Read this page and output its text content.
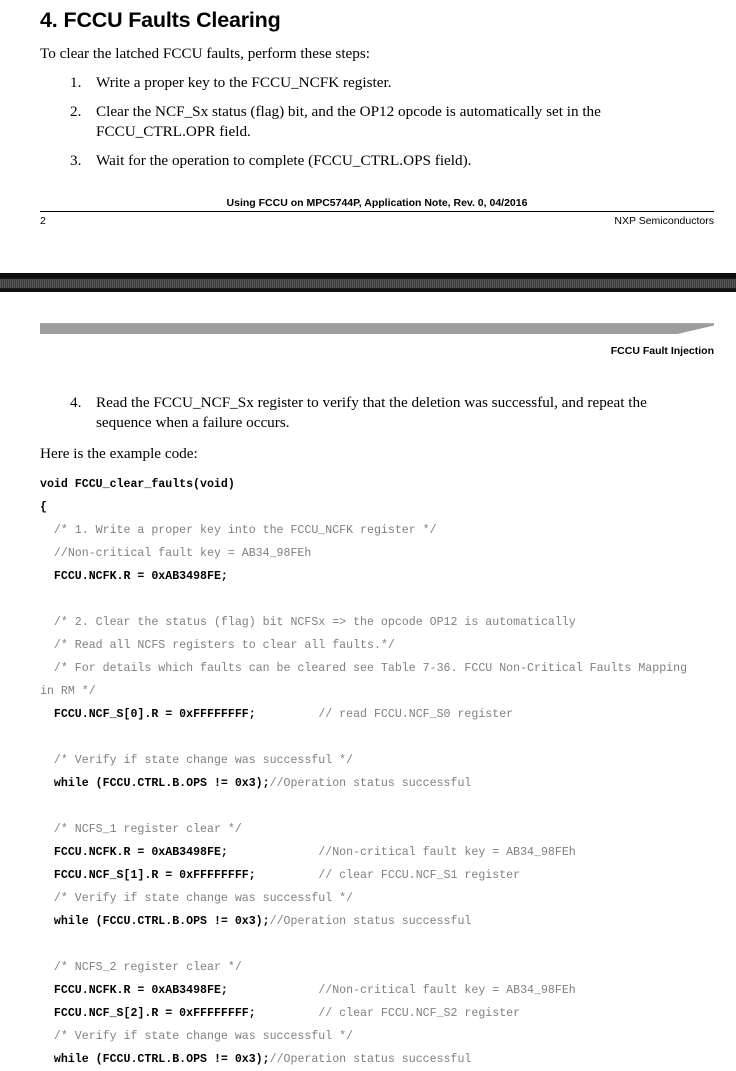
4. FCCU Faults Clearing

To clear the latched FCCU faults, perform these steps:

1. Write a proper key to the FCCU_NCFK register.
2. Clear the NCF_Sx status (flag) bit, and the OP12 opcode is automatically set in the FCCU_CTRL.OPR field.
3. Wait for the operation to complete (FCCU_CTRL.OPS field).
Using FCCU on MPC5744P, Application Note, Rev. 0, 04/2016
2	NXP Semiconductors
FCCU Fault Injection
4. Read the FCCU_NCF_Sx register to verify that the deletion was successful, and repeat the sequence when a failure occurs.

Here is the example code:

void FCCU_clear_faults(void)
{
/* 1. Write a proper key into the FCCU_NCFK register */
//Non-critical fault key = AB34_98FEh
FCCU.NCFK.R = 0xAB3498FE;

/* 2. Clear the status (flag) bit NCFSx => the opcode OP12 is automatically
/* Read all NCFS registers to clear all faults.*/
/* For details which faults can be cleared see Table 7-36. FCCU Non-Critical Faults Mapping
in RM */
FCCU.NCF_S[0].R = 0xFFFFFFFF;	// read FCCU.NCF_S0 register

/* Verify if state change was successful */
while (FCCU.CTRL.B.OPS != 0x3);//Operation status successful

/* NCFS_1 register clear */
FCCU.NCFK.R = 0xAB3498FE;	//Non-critical fault key = AB34_98FEh
FCCU.NCF_S[1].R = 0xFFFFFFFF;	// clear FCCU.NCF_S1 register
/* Verify if state change was successful */
while (FCCU.CTRL.B.OPS != 0x3);//Operation status successful

/* NCFS_2 register clear */
FCCU.NCFK.R = 0xAB3498FE;	//Non-critical fault key = AB34_98FEh
FCCU.NCF_S[2].R = 0xFFFFFFFF;	// clear FCCU.NCF_S2 register
/* Verify if state change was successful */
while (FCCU.CTRL.B.OPS != 0x3);//Operation status successful
